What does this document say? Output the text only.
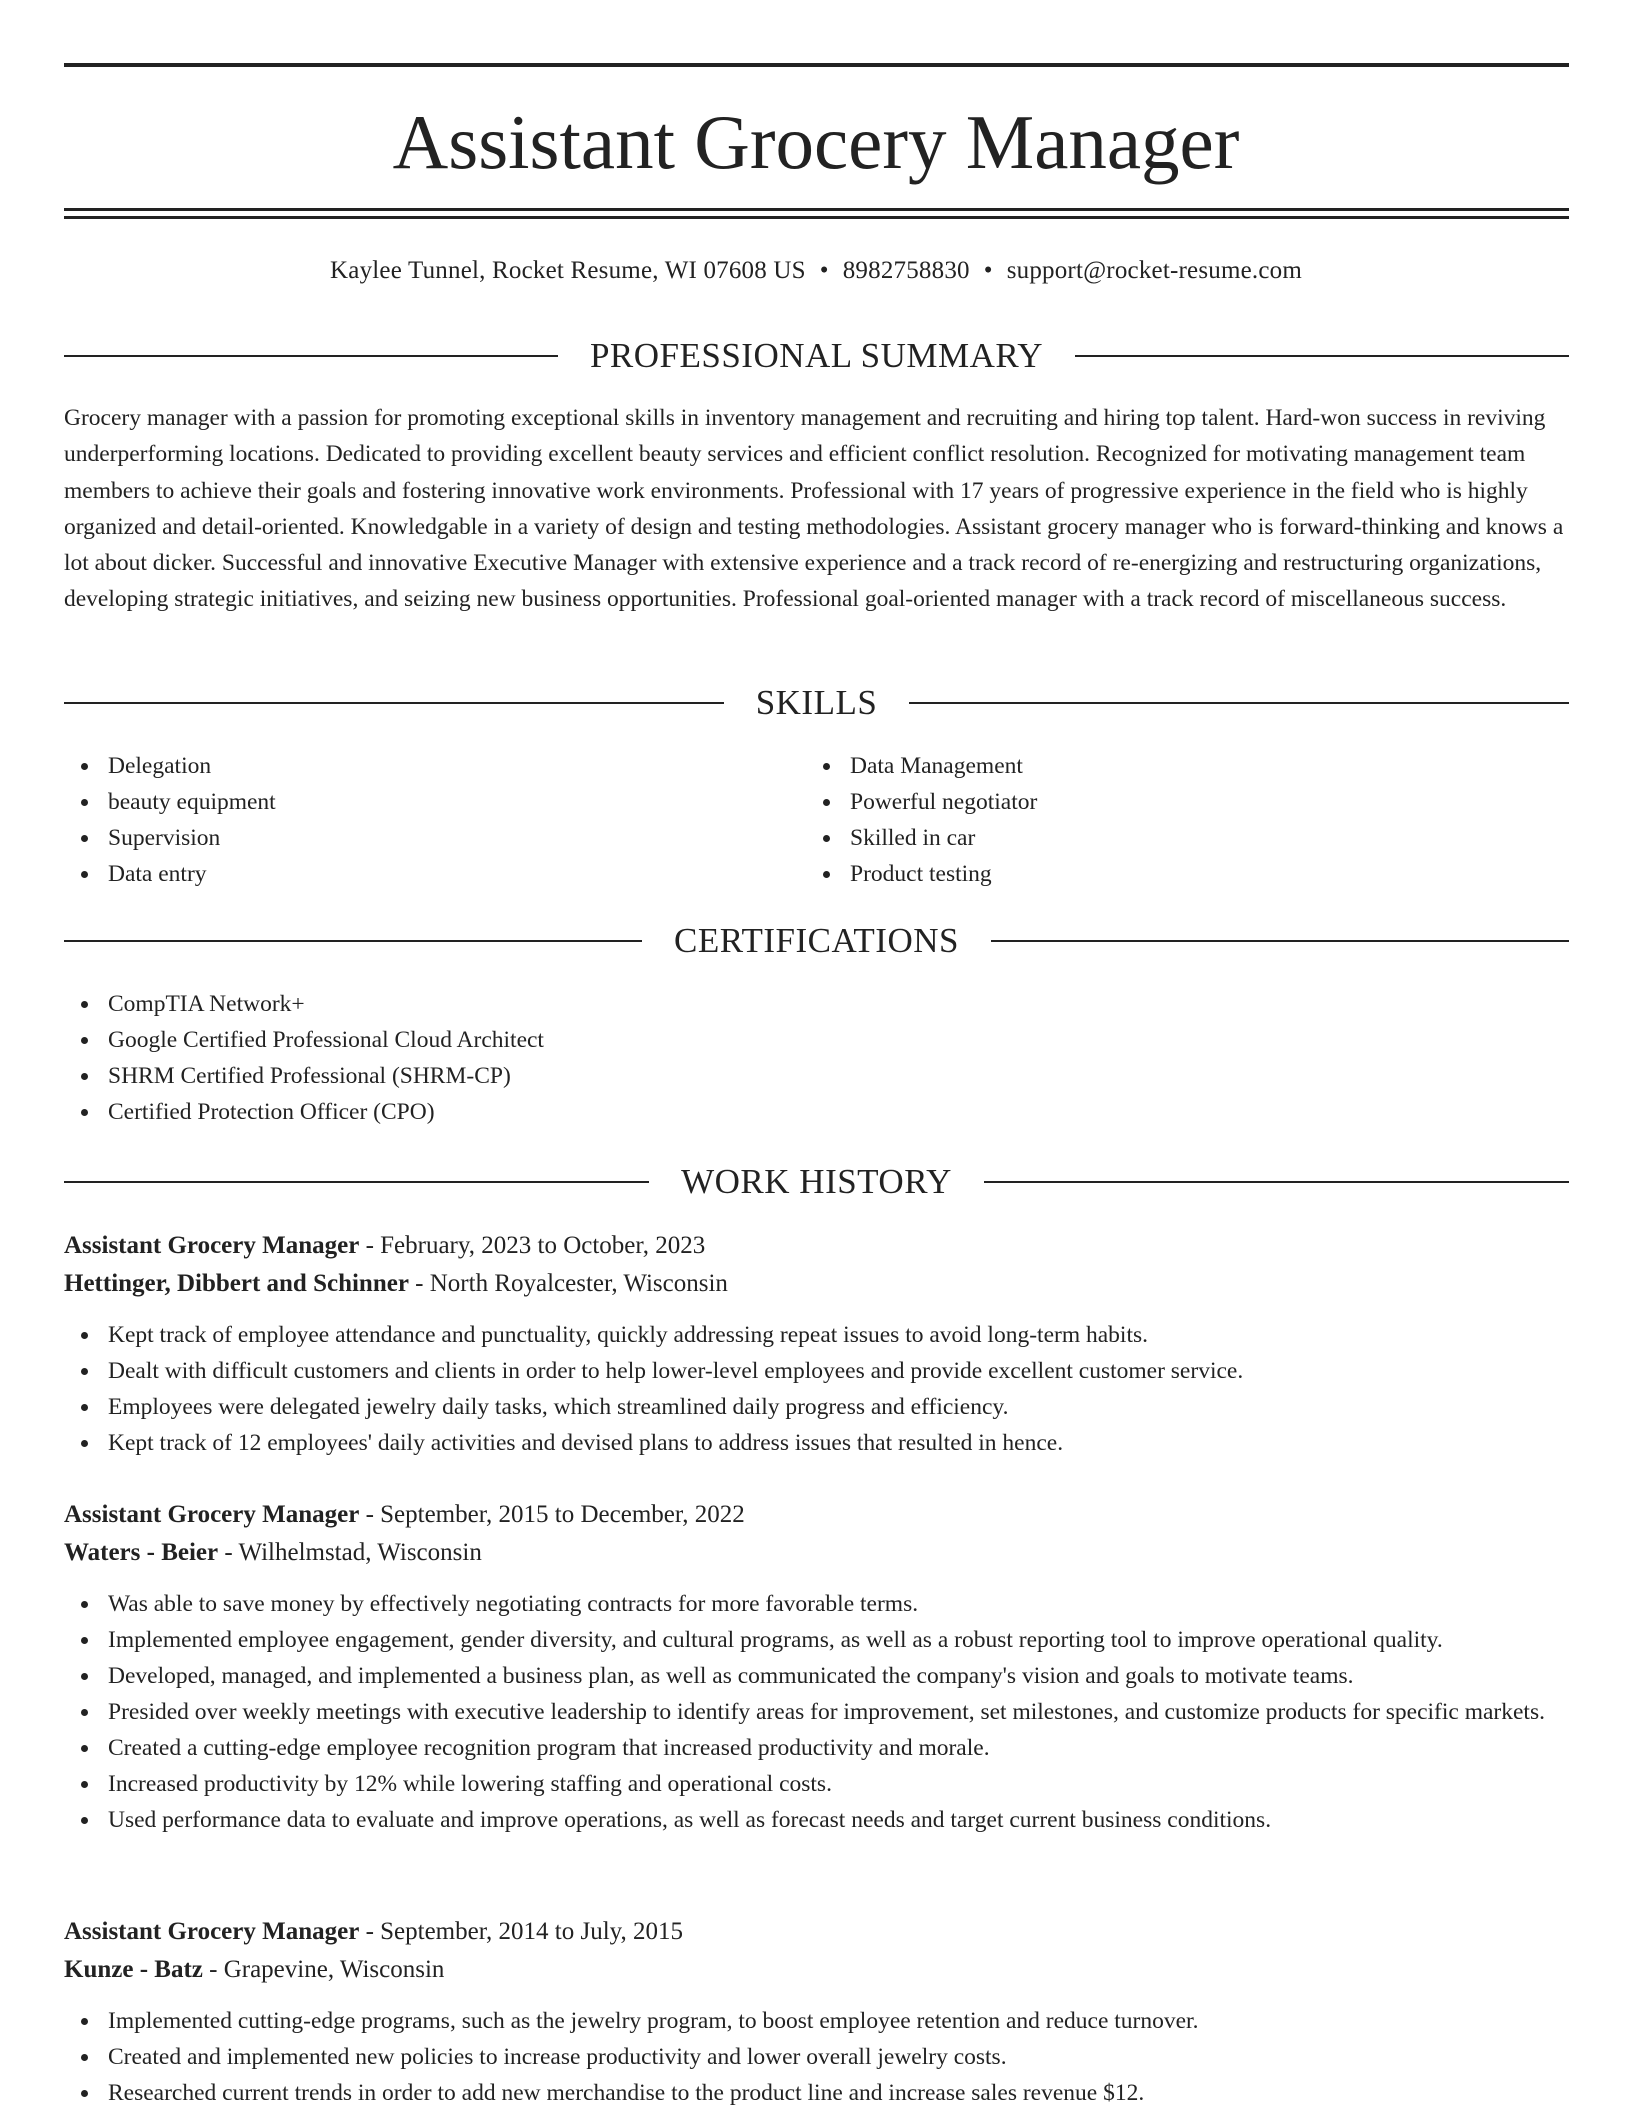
Assistant Grocery Manager
Kaylee Tunnel, Rocket Resume, WI 07608 US • 8982758830 • support@rocket-resume.com
PROFESSIONAL SUMMARY

Grocery manager with a passion for promoting exceptional skills in inventory management and recruiting and hiring top talent. Hard-won success in reviving underperforming locations. Dedicated to providing excellent beauty services and efficient conflict resolution. Recognized for motivating management team members to achieve their goals and fostering innovative work environments. Professional with 17 years of progressive experience in the field who is highly organized and detail-oriented. Knowledgable in a variety of design and testing methodologies. Assistant grocery manager who is forward-thinking and knows a lot about dicker. Successful and innovative Executive Manager with extensive experience and a track record of re-energizing and restructuring organizations, developing strategic initiatives, and seizing new business opportunities. Professional goal-oriented manager with a track record of miscellaneous success.

SKILLS
Delegation
beauty equipment
Supervision
Data entry
Data Management
Powerful negotiator
Skilled in car
Product testing
CERTIFICATIONS
CompTIA Network+
Google Certified Professional Cloud Architect
SHRM Certified Professional (SHRM-CP)
Certified Protection Officer (CPO)
WORK HISTORY

Assistant Grocery Manager - February, 2023 to October, 2023

Hettinger, Dibbert and Schinner - North Royalcester, Wisconsin

Kept track of employee attendance and punctuality, quickly addressing repeat issues to avoid long-term habits.
Dealt with difficult customers and clients in order to help lower-level employees and provide excellent customer service.
Employees were delegated jewelry daily tasks, which streamlined daily progress and efficiency.
Kept track of 12 employees' daily activities and devised plans to address issues that resulted in hence.

Assistant Grocery Manager - September, 2015 to December, 2022

Waters - Beier - Wilhelmstad, Wisconsin

Was able to save money by effectively negotiating contracts for more favorable terms.
Implemented employee engagement, gender diversity, and cultural programs, as well as a robust reporting tool to improve operational quality.
Developed, managed, and implemented a business plan, as well as communicated the company's vision and goals to motivate teams.
Presided over weekly meetings with executive leadership to identify areas for improvement, set milestones, and customize products for specific markets.
Created a cutting-edge employee recognition program that increased productivity and morale.
Increased productivity by 12% while lowering staffing and operational costs.
Used performance data to evaluate and improve operations, as well as forecast needs and target current business conditions.

Assistant Grocery Manager - September, 2014 to July, 2015

Kunze - Batz - Grapevine, Wisconsin

Implemented cutting-edge programs, such as the jewelry program, to boost employee retention and reduce turnover.
Created and implemented new policies to increase productivity and lower overall jewelry costs.
Researched current trends in order to add new merchandise to the product line and increase sales revenue $12.
